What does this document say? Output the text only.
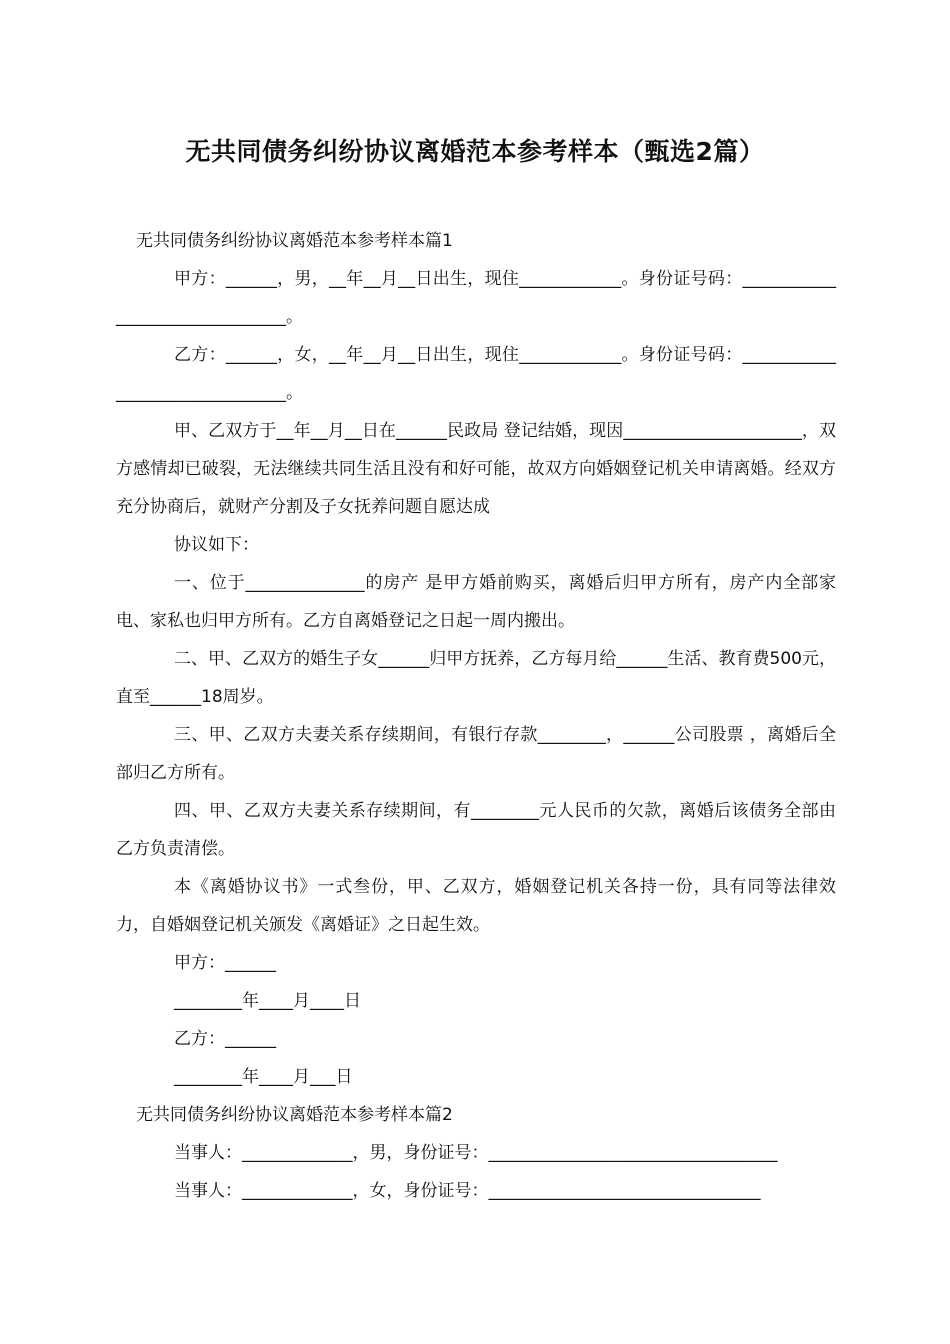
无共同债务纠纷协议离婚范本参考样本（甄选2篇）

无共同债务纠纷协议离婚范本参考样本篇1

甲方：______，男，__年__月__日出生，现住____________。身份证号码：_______________________________。

乙方：______，女，__年__月__日出生，现住____________。身份证号码：_______________________________。

甲、乙双方于__年__月__日在______民政局 登记结婚，现因_____________________，双方感情却已破裂，无法继续共同生活且没有和好可能，故双方向婚姻登记机关申请离婚。经双方充分协商后，就财产分割及子女抚养问题自愿达成

协议如下：

一、位于______________的房产 是甲方婚前购买，离婚后归甲方所有，房产内全部家电、家私也归甲方所有。乙方自离婚登记之日起一周内搬出。

二、甲、乙双方的婚生子女______归甲方抚养，乙方每月给______生活、教育费500元，直至______18周岁。

三、甲、乙双方夫妻关系存续期间，有银行存款________，______公司股票 ，离婚后全部归乙方所有。

四、甲、乙双方夫妻关系存续期间，有________元人民币的欠款，离婚后该债务全部由乙方负责清偿。

本《离婚协议书》一式叁份，甲、乙双方，婚姻登记机关各持一份，具有同等法律效力，自婚姻登记机关颁发《离婚证》之日起生效。

甲方：______

________年____月____日

乙方：______

________年____月___日

无共同债务纠纷协议离婚范本参考样本篇2

当事人：_____________，男，身份证号：__________________________________

当事人：_____________，女，身份证号：________________________________
